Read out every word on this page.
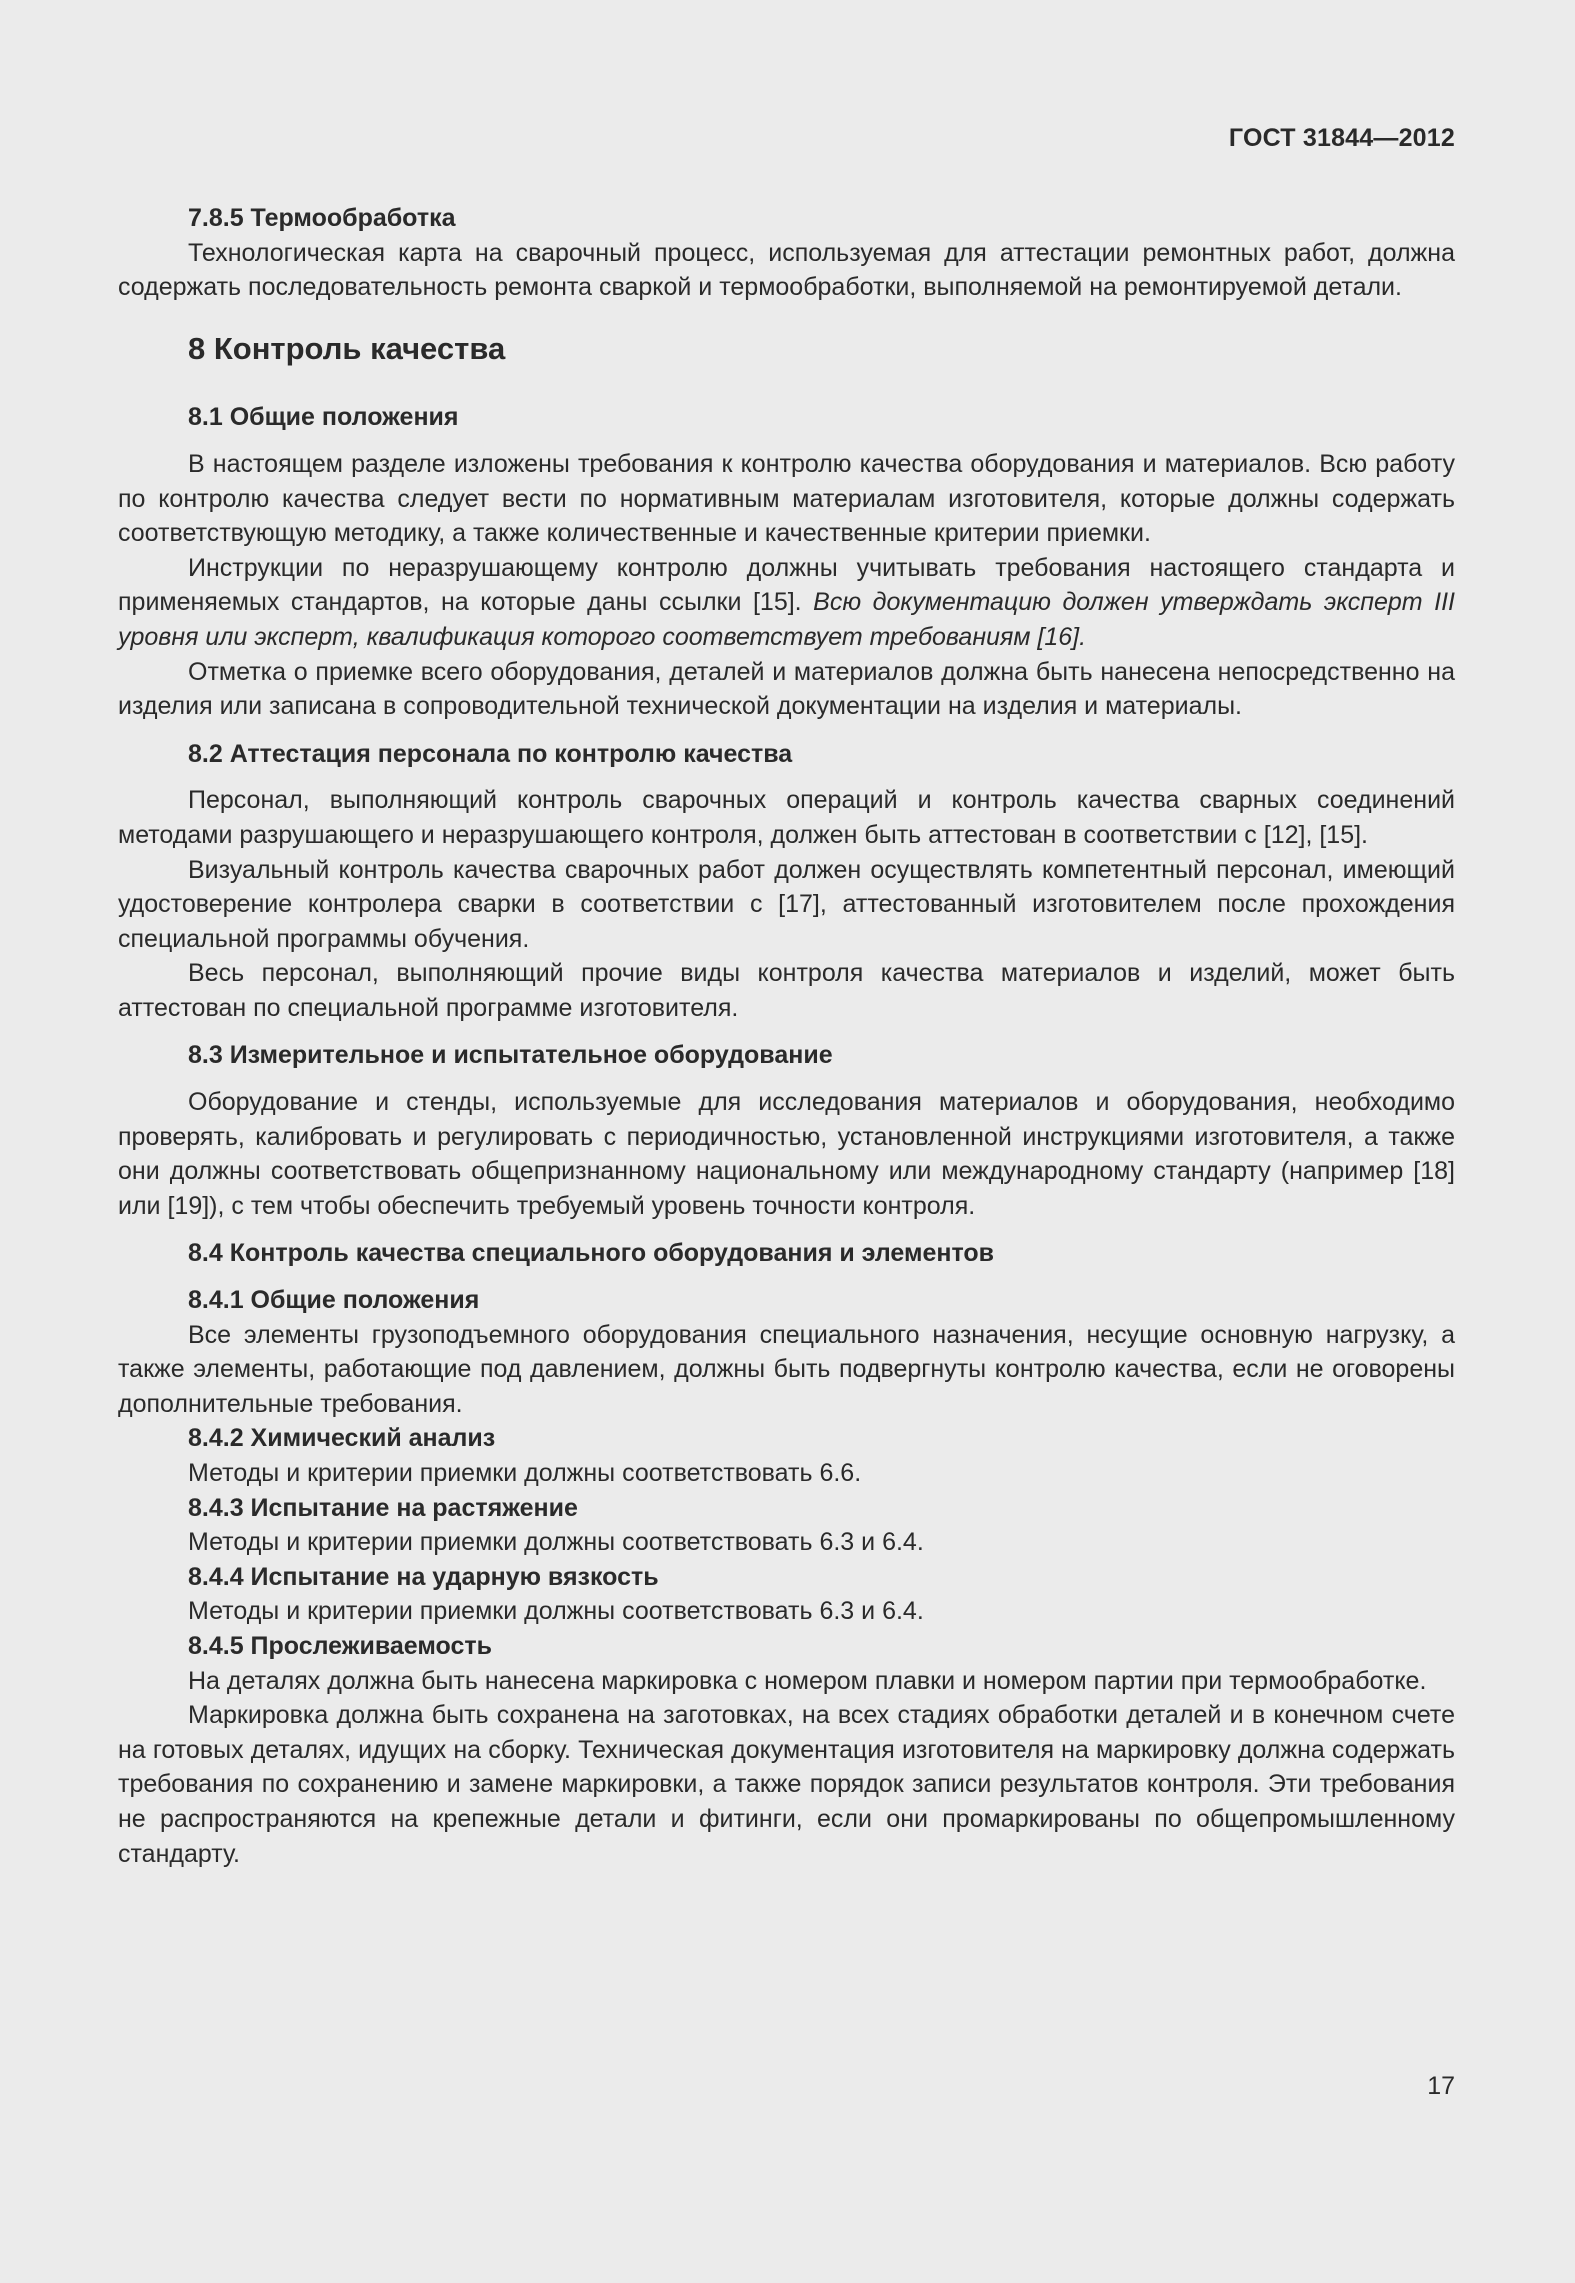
ГОСТ 31844—2012
7.8.5 Термообработка

Технологическая карта на сварочный процесс, используемая для аттестации ремонтных работ, должна содержать последовательность ремонта сваркой и термообработки, выполняемой на ремонтируемой детали.

8 Контроль качества
8.1 Общие положения

В настоящем разделе изложены требования к контролю качества оборудования и материалов. Всю работу по контролю качества следует вести по нормативным материалам изготовителя, которые должны содержать соответствующую методику, а также количественные и качественные критерии приемки.

Инструкции по неразрушающему контролю должны учитывать требования настоящего стандарта и применяемых стандартов, на которые даны ссылки [15]. Всю документацию должен утверждать эксперт III уровня или эксперт, квалификация которого соответствует требованиям [16].

Отметка о приемке всего оборудования, деталей и материалов должна быть нанесена непосредственно на изделия или записана в сопроводительной технической документации на изделия и материалы.

8.2 Аттестация персонала по контролю качества

Персонал, выполняющий контроль сварочных операций и контроль качества сварных соединений методами разрушающего и неразрушающего контроля, должен быть аттестован в соответствии с [12], [15].

Визуальный контроль качества сварочных работ должен осуществлять компетентный персонал, имеющий удостоверение контролера сварки в соответствии с [17], аттестованный изготовителем после прохождения специальной программы обучения.

Весь персонал, выполняющий прочие виды контроля качества материалов и изделий, может быть аттестован по специальной программе изготовителя.

8.3 Измерительное и испытательное оборудование

Оборудование и стенды, используемые для исследования материалов и оборудования, необходимо проверять, калибровать и регулировать с периодичностью, установленной инструкциями изготовителя, а также они должны соответствовать общепризнанному национальному или международному стандарту (например [18] или [19]), с тем чтобы обеспечить требуемый уровень точности контроля.

8.4 Контроль качества специального оборудования и элементов
8.4.1 Общие положения

Все элементы грузоподъемного оборудования специального назначения, несущие основную нагрузку, а также элементы, работающие под давлением, должны быть подвергнуты контролю качества, если не оговорены дополнительные требования.

8.4.2 Химический анализ

Методы и критерии приемки должны соответствовать 6.6.

8.4.3 Испытание на растяжение

Методы и критерии приемки должны соответствовать 6.3 и 6.4.

8.4.4 Испытание на ударную вязкость

Методы и критерии приемки должны соответствовать 6.3 и 6.4.

8.4.5 Прослеживаемость

На деталях должна быть нанесена маркировка с номером плавки и номером партии при термообработке.

Маркировка должна быть сохранена на заготовках, на всех стадиях обработки деталей и в конечном счете на готовых деталях, идущих на сборку. Техническая документация изготовителя на маркировку должна содержать требования по сохранению и замене маркировки, а также порядок записи результатов контроля. Эти требования не распространяются на крепежные детали и фитинги, если они промаркированы по общепромышленному стандарту.

17
